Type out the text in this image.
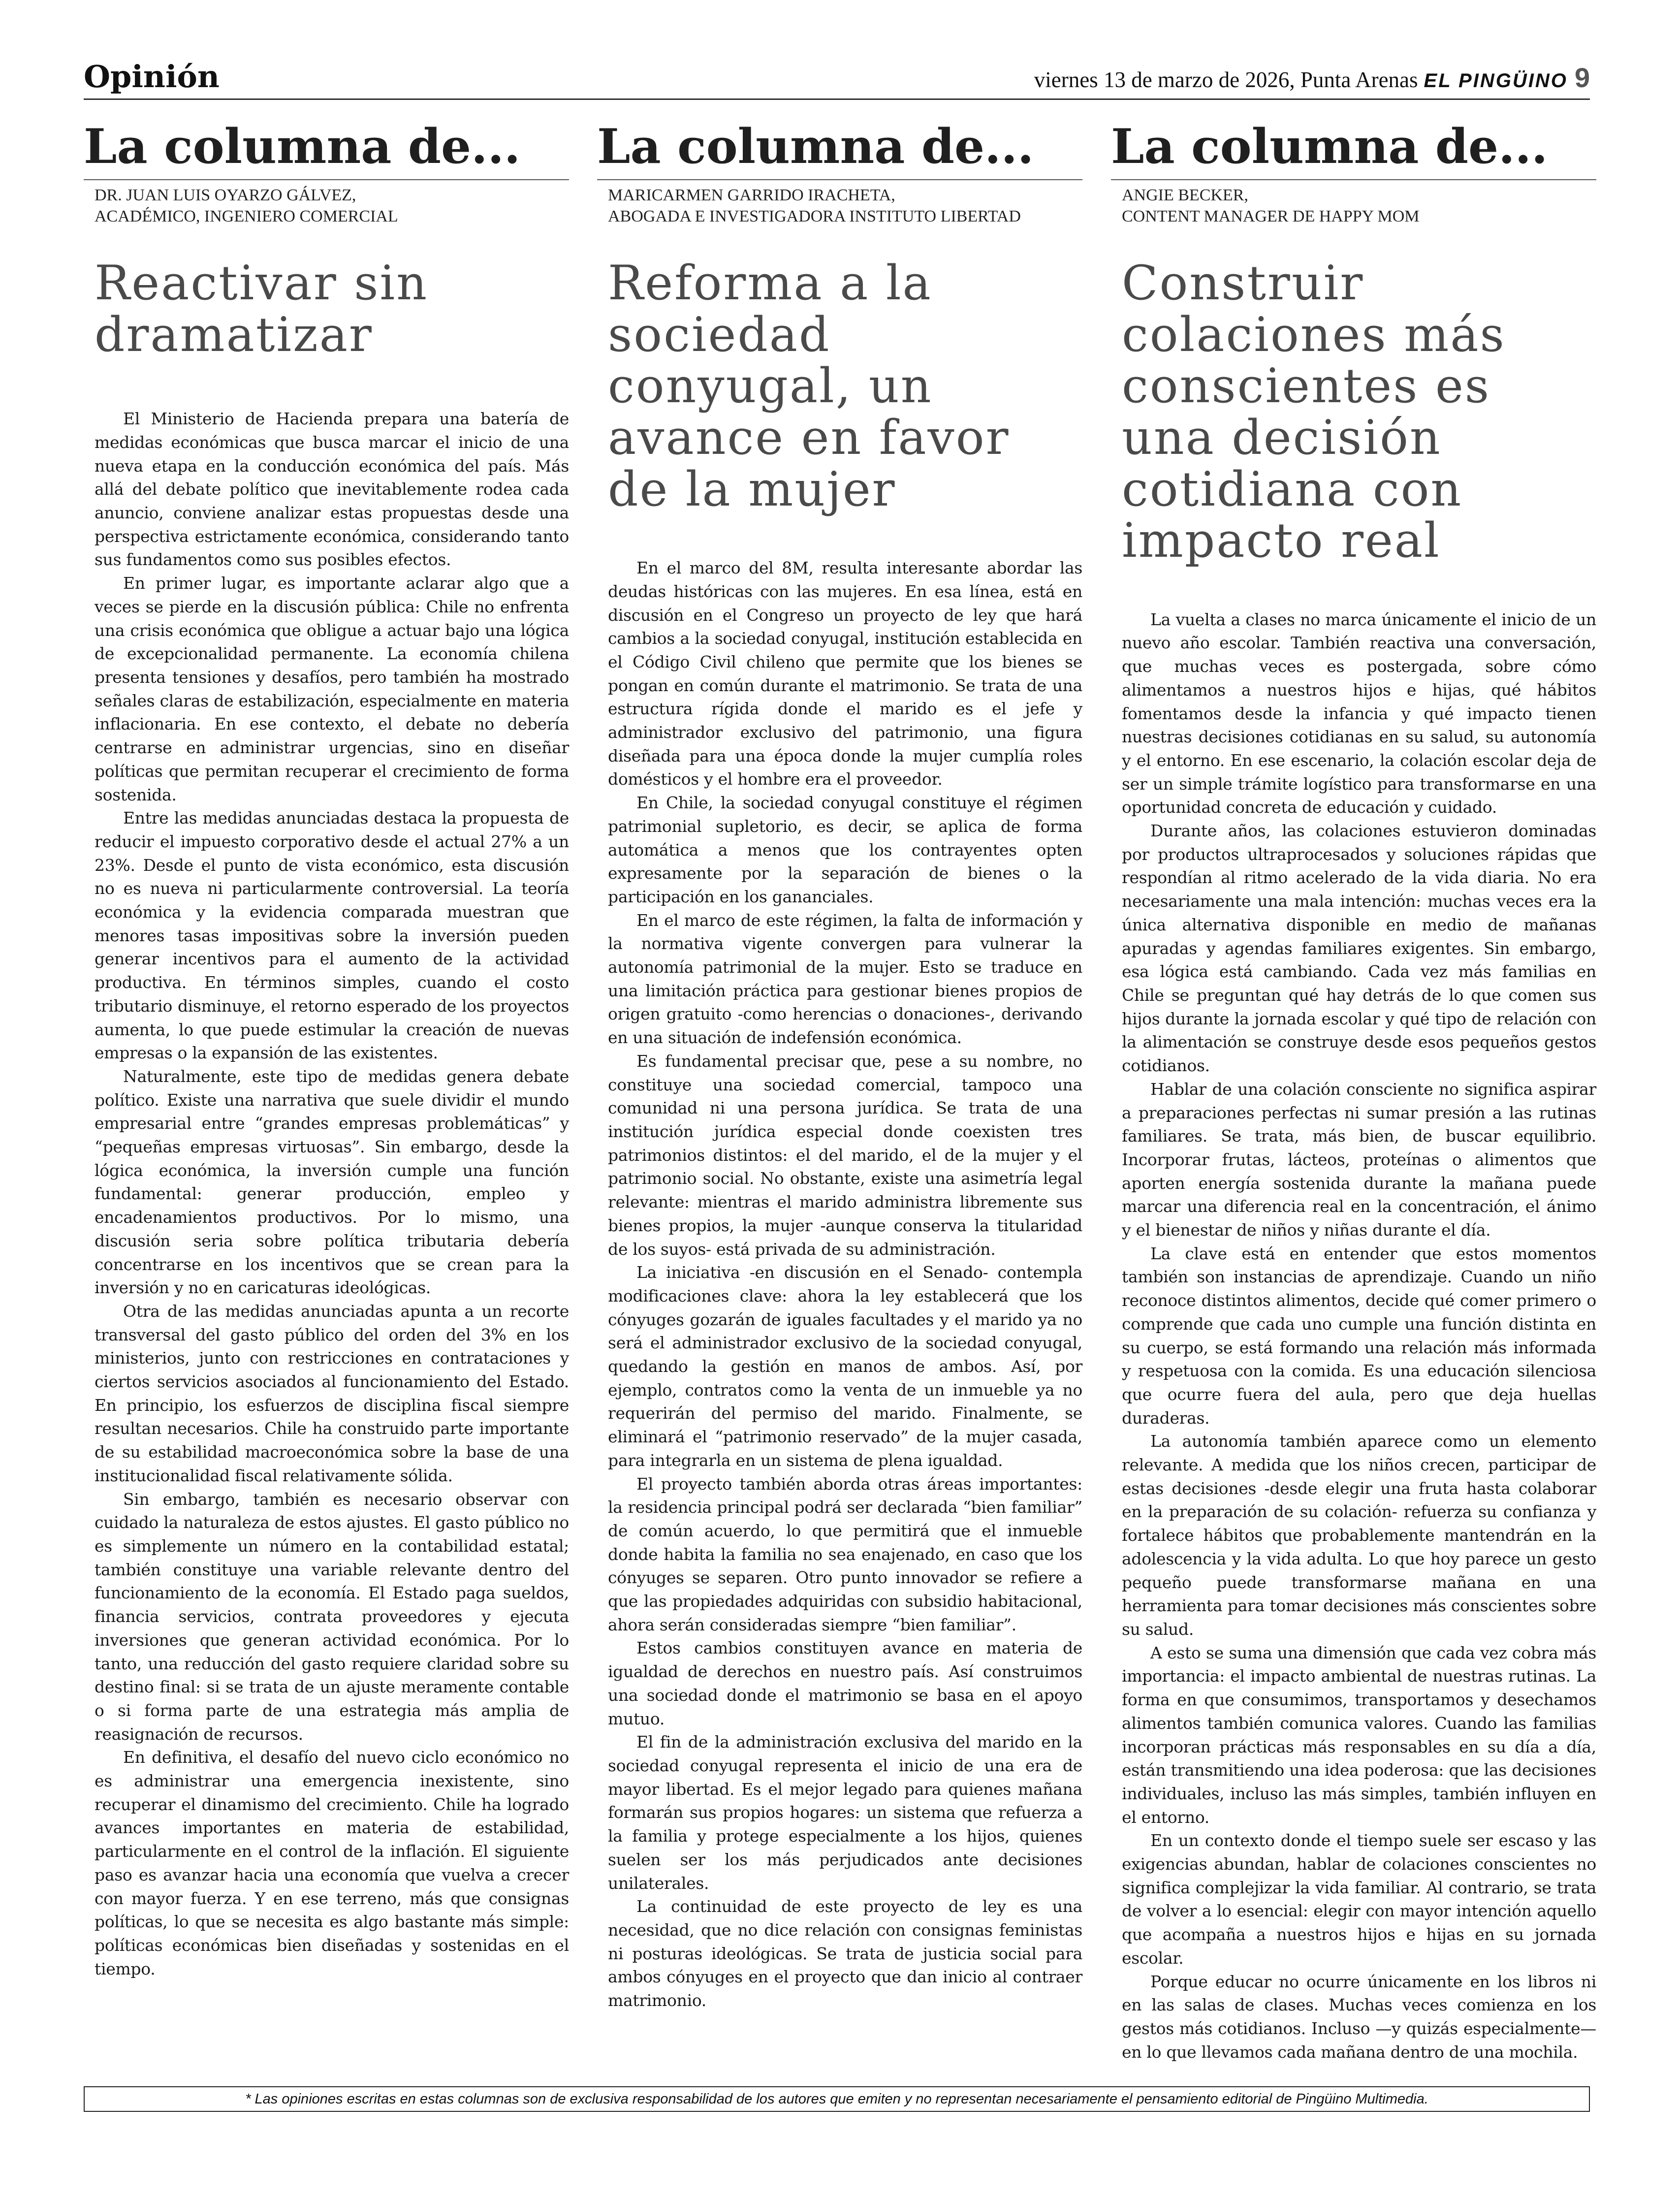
Opinión	viernes 13 de marzo de 2026, Punta Arenas EL PINGÜINO 9
La columna de...
DR. JUAN LUIS OYARZO GÁLVEZ,
ACADÉMICO, INGENIERO COMERCIAL
Reactivar sin dramatizar

El Ministerio de Hacienda prepara una batería de medidas económicas que busca marcar el inicio de una nueva etapa en la conducción económica del país. Más allá del debate político que inevitablemente rodea cada anuncio, conviene analizar estas propuestas desde una perspectiva estrictamente económica, considerando tanto sus fundamentos como sus posibles efectos.

En primer lugar, es importante aclarar algo que a veces se pierde en la discusión pública: Chile no enfrenta una crisis económica que obligue a actuar bajo una lógica de excepcionalidad permanente. La economía chilena presenta tensiones y desafíos, pero también ha mostrado señales claras de estabilización, especialmente en materia inflacionaria. En ese contexto, el debate no debería centrarse en administrar urgencias, sino en diseñar políticas que permitan recuperar el crecimiento de forma sostenida.

Entre las medidas anunciadas destaca la propuesta de reducir el impuesto corporativo desde el actual 27% a un 23%. Desde el punto de vista económico, esta discusión no es nueva ni particularmente controversial. La teoría económica y la evidencia comparada muestran que menores tasas impositivas sobre la inversión pueden generar incentivos para el aumento de la actividad productiva. En términos simples, cuando el costo tributario disminuye, el retorno esperado de los proyectos aumenta, lo que puede estimular la creación de nuevas empresas o la expansión de las existentes.

Naturalmente, este tipo de medidas genera debate político. Existe una narrativa que suele dividir el mundo empresarial entre “grandes empresas problemáticas” y “pequeñas empresas virtuosas”. Sin embargo, desde la lógica económica, la inversión cumple una función fundamental: generar producción, empleo y encadenamientos productivos. Por lo mismo, una discusión seria sobre política tributaria debería concentrarse en los incentivos que se crean para la inversión y no en caricaturas ideológicas.

Otra de las medidas anunciadas apunta a un recorte transversal del gasto público del orden del 3% en los ministerios, junto con restricciones en contrataciones y ciertos servicios asociados al funcionamiento del Estado. En principio, los esfuerzos de disciplina fiscal siempre resultan necesarios. Chile ha construido parte importante de su estabilidad macroeconómica sobre la base de una institucionalidad fiscal relativamente sólida.

Sin embargo, también es necesario observar con cuidado la naturaleza de estos ajustes. El gasto público no es simplemente un número en la contabilidad estatal; también constituye una variable relevante dentro del funcionamiento de la economía. El Estado paga sueldos, financia servicios, contrata proveedores y ejecuta inversiones que generan actividad económica. Por lo tanto, una reducción del gasto requiere claridad sobre su destino final: si se trata de un ajuste meramente contable o si forma parte de una estrategia más amplia de reasignación de recursos.

En definitiva, el desafío del nuevo ciclo económico no es administrar una emergencia inexistente, sino recuperar el dinamismo del crecimiento. Chile ha logrado avances importantes en materia de estabilidad, particularmente en el control de la inflación. El siguiente paso es avanzar hacia una economía que vuelva a crecer con mayor fuerza. Y en ese terreno, más que consignas políticas, lo que se necesita es algo bastante más simple: políticas económicas bien diseñadas y sostenidas en el tiempo.

La columna de...
MARICARMEN GARRIDO IRACHETA,
ABOGADA E INVESTIGADORA INSTITUTO LIBERTAD
Reforma a la sociedad conyugal, un avance en favor de la mujer

En el marco del 8M, resulta interesante abordar las deudas históricas con las mujeres. En esa línea, está en discusión en el Congreso un proyecto de ley que hará cambios a la sociedad conyugal, institución establecida en el Código Civil chileno que permite que los bienes se pongan en común durante el matrimonio. Se trata de una estructura rígida donde el marido es el jefe y administrador exclusivo del patrimonio, una figura diseñada para una época donde la mujer cumplía roles domésticos y el hombre era el proveedor.

En Chile, la sociedad conyugal constituye el régimen patrimonial supletorio, es decir, se aplica de forma automática a menos que los contrayentes opten expresamente por la separación de bienes o la participación en los gananciales.

En el marco de este régimen, la falta de información y la normativa vigente convergen para vulnerar la autonomía patrimonial de la mujer. Esto se traduce en una limitación práctica para gestionar bienes propios de origen gratuito -como herencias o donaciones-, derivando en una situación de indefensión económica.

Es fundamental precisar que, pese a su nombre, no constituye una sociedad comercial, tampoco una comunidad ni una persona jurídica. Se trata de una institución jurídica especial donde coexisten tres patrimonios distintos: el del marido, el de la mujer y el patrimonio social. No obstante, existe una asimetría legal relevante: mientras el marido administra libremente sus bienes propios, la mujer -aunque conserva la titularidad de los suyos- está privada de su administración.

La iniciativa -en discusión en el Senado- contempla modificaciones clave: ahora la ley establecerá que los cónyuges gozarán de iguales facultades y el marido ya no será el administrador exclusivo de la sociedad conyugal, quedando la gestión en manos de ambos. Así, por ejemplo, contratos como la venta de un inmueble ya no requerirán del permiso del marido. Finalmente, se eliminará el “patrimonio reservado” de la mujer casada, para integrarla en un sistema de plena igualdad.

El proyecto también aborda otras áreas importantes: la residencia principal podrá ser declarada “bien familiar” de común acuerdo, lo que permitirá que el inmueble donde habita la familia no sea enajenado, en caso que los cónyuges se separen. Otro punto innovador se refiere a que las propiedades adquiridas con subsidio habitacional, ahora serán consideradas siempre “bien familiar”.

Estos cambios constituyen avance en materia de igualdad de derechos en nuestro país. Así construimos una sociedad donde el matrimonio se basa en el apoyo mutuo.

El fin de la administración exclusiva del marido en la sociedad conyugal representa el inicio de una era de mayor libertad. Es el mejor legado para quienes mañana formarán sus propios hogares: un sistema que refuerza a la familia y protege especialmente a los hijos, quienes suelen ser los más perjudicados ante decisiones unilaterales.

La continuidad de este proyecto de ley es una necesidad, que no dice relación con consignas feministas ni posturas ideológicas. Se trata de justicia social para ambos cónyuges en el proyecto que dan inicio al contraer matrimonio.

La columna de...
ANGIE BECKER,
CONTENT MANAGER DE HAPPY MOM
Construir colaciones más conscientes es una decisión cotidiana con impacto real

La vuelta a clases no marca únicamente el inicio de un nuevo año escolar. También reactiva una conversación, que muchas veces es postergada, sobre cómo alimentamos a nuestros hijos e hijas, qué hábitos fomentamos desde la infancia y qué impacto tienen nuestras decisiones cotidianas en su salud, su autonomía y el entorno. En ese escenario, la colación escolar deja de ser un simple trámite logístico para transformarse en una oportunidad concreta de educación y cuidado.

Durante años, las colaciones estuvieron dominadas por productos ultraprocesados y soluciones rápidas que respondían al ritmo acelerado de la vida diaria. No era necesariamente una mala intención: muchas veces era la única alternativa disponible en medio de mañanas apuradas y agendas familiares exigentes. Sin embargo, esa lógica está cambiando. Cada vez más familias en Chile se preguntan qué hay detrás de lo que comen sus hijos durante la jornada escolar y qué tipo de relación con la alimentación se construye desde esos pequeños gestos cotidianos.

Hablar de una colación consciente no significa aspirar a preparaciones perfectas ni sumar presión a las rutinas familiares. Se trata, más bien, de buscar equilibrio. Incorporar frutas, lácteos, proteínas o alimentos que aporten energía sostenida durante la mañana puede marcar una diferencia real en la concentración, el ánimo y el bienestar de niños y niñas durante el día.

La clave está en entender que estos momentos también son instancias de aprendizaje. Cuando un niño reconoce distintos alimentos, decide qué comer primero o comprende que cada uno cumple una función distinta en su cuerpo, se está formando una relación más informada y respetuosa con la comida. Es una educación silenciosa que ocurre fuera del aula, pero que deja huellas duraderas.

La autonomía también aparece como un elemento relevante. A medida que los niños crecen, participar de estas decisiones -desde elegir una fruta hasta colaborar en la preparación de su colación- refuerza su confianza y fortalece hábitos que probablemente mantendrán en la adolescencia y la vida adulta. Lo que hoy parece un gesto pequeño puede transformarse mañana en una herramienta para tomar decisiones más conscientes sobre su salud.

A esto se suma una dimensión que cada vez cobra más importancia: el impacto ambiental de nuestras rutinas. La forma en que consumimos, transportamos y desechamos alimentos también comunica valores. Cuando las familias incorporan prácticas más responsables en su día a día, están transmitiendo una idea poderosa: que las decisiones individuales, incluso las más simples, también influyen en el entorno.

En un contexto donde el tiempo suele ser escaso y las exigencias abundan, hablar de colaciones conscientes no significa complejizar la vida familiar. Al contrario, se trata de volver a lo esencial: elegir con mayor intención aquello que acompaña a nuestros hijos e hijas en su jornada escolar.

Porque educar no ocurre únicamente en los libros ni en las salas de clases. Muchas veces comienza en los gestos más cotidianos. Incluso —y quizás especialmente— en lo que llevamos cada mañana dentro de una mochila.

* Las opiniones escritas en estas columnas son de exclusiva responsabilidad de los autores que emiten y no representan necesariamente el pensamiento editorial de Pingüino Multimedia.
